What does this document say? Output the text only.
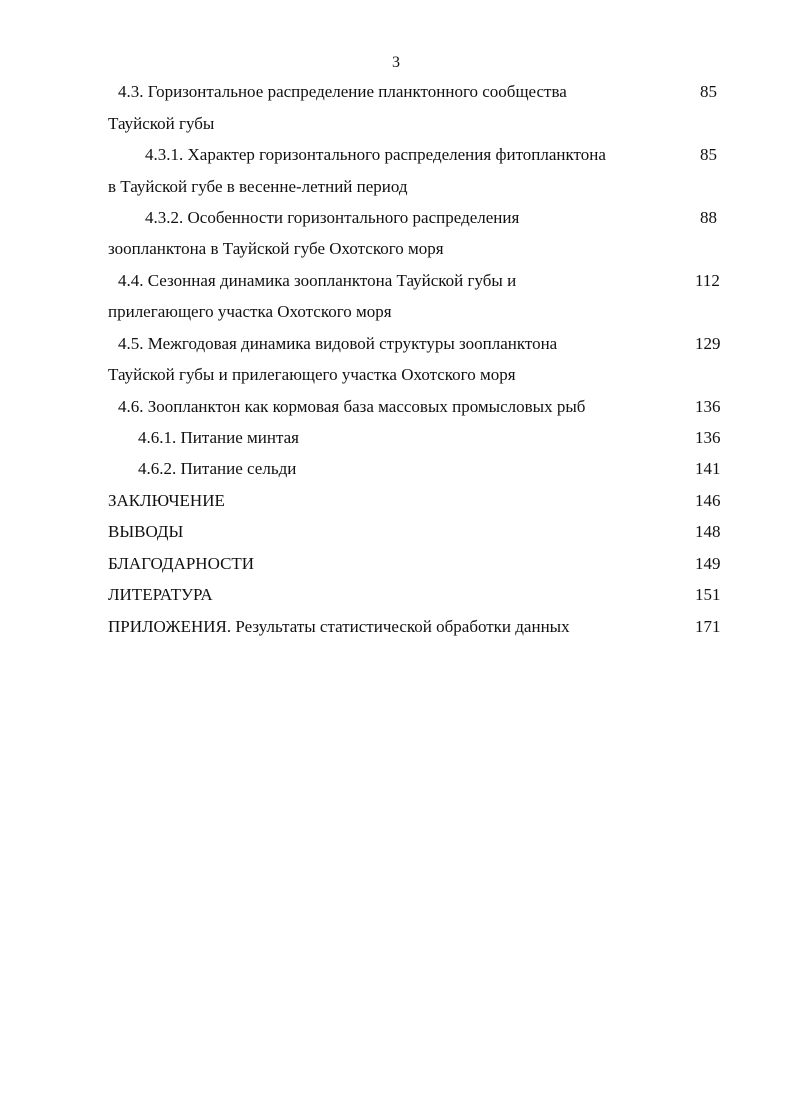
3
4.3. Горизонтальное распределение планктонного сообщества	85
Тауйской губы
4.3.1. Характер горизонтального распределения фитопланктона	85
в Тауйской губе в весенне-летний период
4.3.2. Особенности горизонтального распределения	88
зоопланктона в Тауйской губе Охотского моря
4.4. Сезонная динамика зоопланктона Тауйской губы и	112
прилегающего участка Охотского моря
4.5. Межгодовая динамика видовой структуры зоопланктона	129
Тауйской губы и прилегающего участка Охотского моря
4.6. Зоопланктон как кормовая база массовых промысловых рыб	136
4.6.1. Питание минтая	136
4.6.2. Питание сельди	141
ЗАКЛЮЧЕНИЕ	146
ВЫВОДЫ	148
БЛАГОДАРНОСТИ	149
ЛИТЕРАТУРА	151
ПРИЛОЖЕНИЯ. Результаты статистической обработки данных	171
